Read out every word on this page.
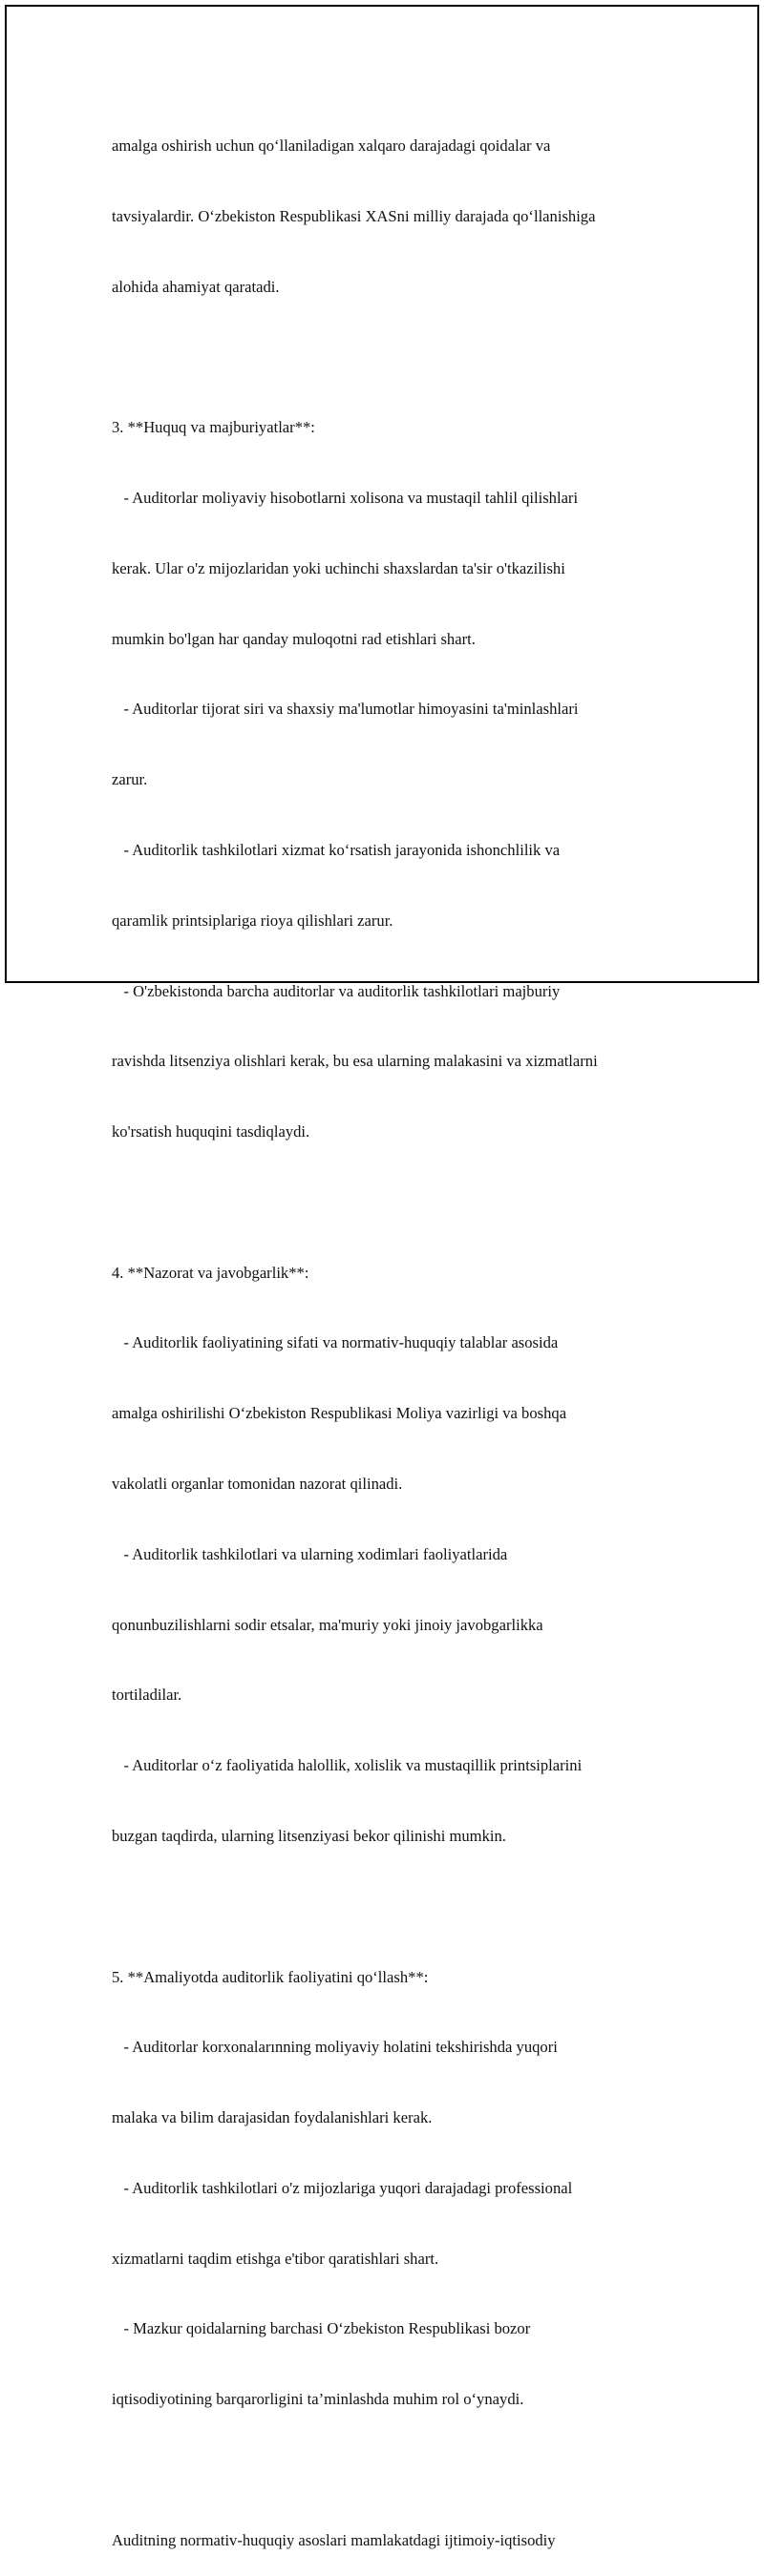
amalga oshirish uchun qo‘llaniladigan xalqaro darajadagi qoidalar va

tavsiyalardir. O‘zbekiston Respublikasi XASni milliy darajada qo‘llanishiga

alohida ahamiyat qaratadi.

3. **Huquq va majburiyatlar**:

- Auditorlar moliyaviy hisobotlarni xolisona va mustaqil tahlil qilishlari

kerak. Ular o'z mijozlaridan yoki uchinchi shaxslardan ta'sir o'tkazilishi

mumkin bo'lgan har qanday muloqotni rad etishlari shart.

- Auditorlar tijorat siri va shaxsiy ma'lumotlar himoyasini ta'minlashlari

zarur.

- Auditorlik tashkilotlari xizmat ko‘rsatish jarayonida ishonchlilik va

qaramlik printsiplariga rioya qilishlari zarur.

- O'zbekistonda barcha auditorlar va auditorlik tashkilotlari majburiy

ravishda litsenziya olishlari kerak, bu esa ularning malakasini va xizmatlarni

ko'rsatish huquqini tasdiqlaydi.

4. **Nazorat va javobgarlik**:

- Auditorlik faoliyatining sifati va normativ-huquqiy talablar asosida

amalga oshirilishi O‘zbekiston Respublikasi Moliya vazirligi va boshqa

vakolatli organlar tomonidan nazorat qilinadi.

- Auditorlik tashkilotlari va ularning xodimlari faoliyatlarida

qonunbuzilishlarni sodir etsalar, ma'muriy yoki jinoiy javobgarlikka

tortiladilar.

- Auditorlar o‘z faoliyatida halollik, xolislik va mustaqillik printsiplarini

buzgan taqdirda, ularning litsenziyasi bekor qilinishi mumkin.

5. **Amaliyotda auditorlik faoliyatini qo‘llash**:

- Auditorlar korxonalarınning moliyaviy holatini tekshirishda yuqori

malaka va bilim darajasidan foydalanishlari kerak.

- Auditorlik tashkilotlari o'z mijozlariga yuqori darajadagi professional

xizmatlarni taqdim etishga e'tibor qaratishlari shart.

- Mazkur qoidalarning barchasi O‘zbekiston Respublikasi bozor

iqtisodiyotining barqarorligini ta’minlashda muhim rol o‘ynaydi.

Auditning normativ-huquqiy asoslari mamlakatdagi ijtimoiy-iqtisodiy
